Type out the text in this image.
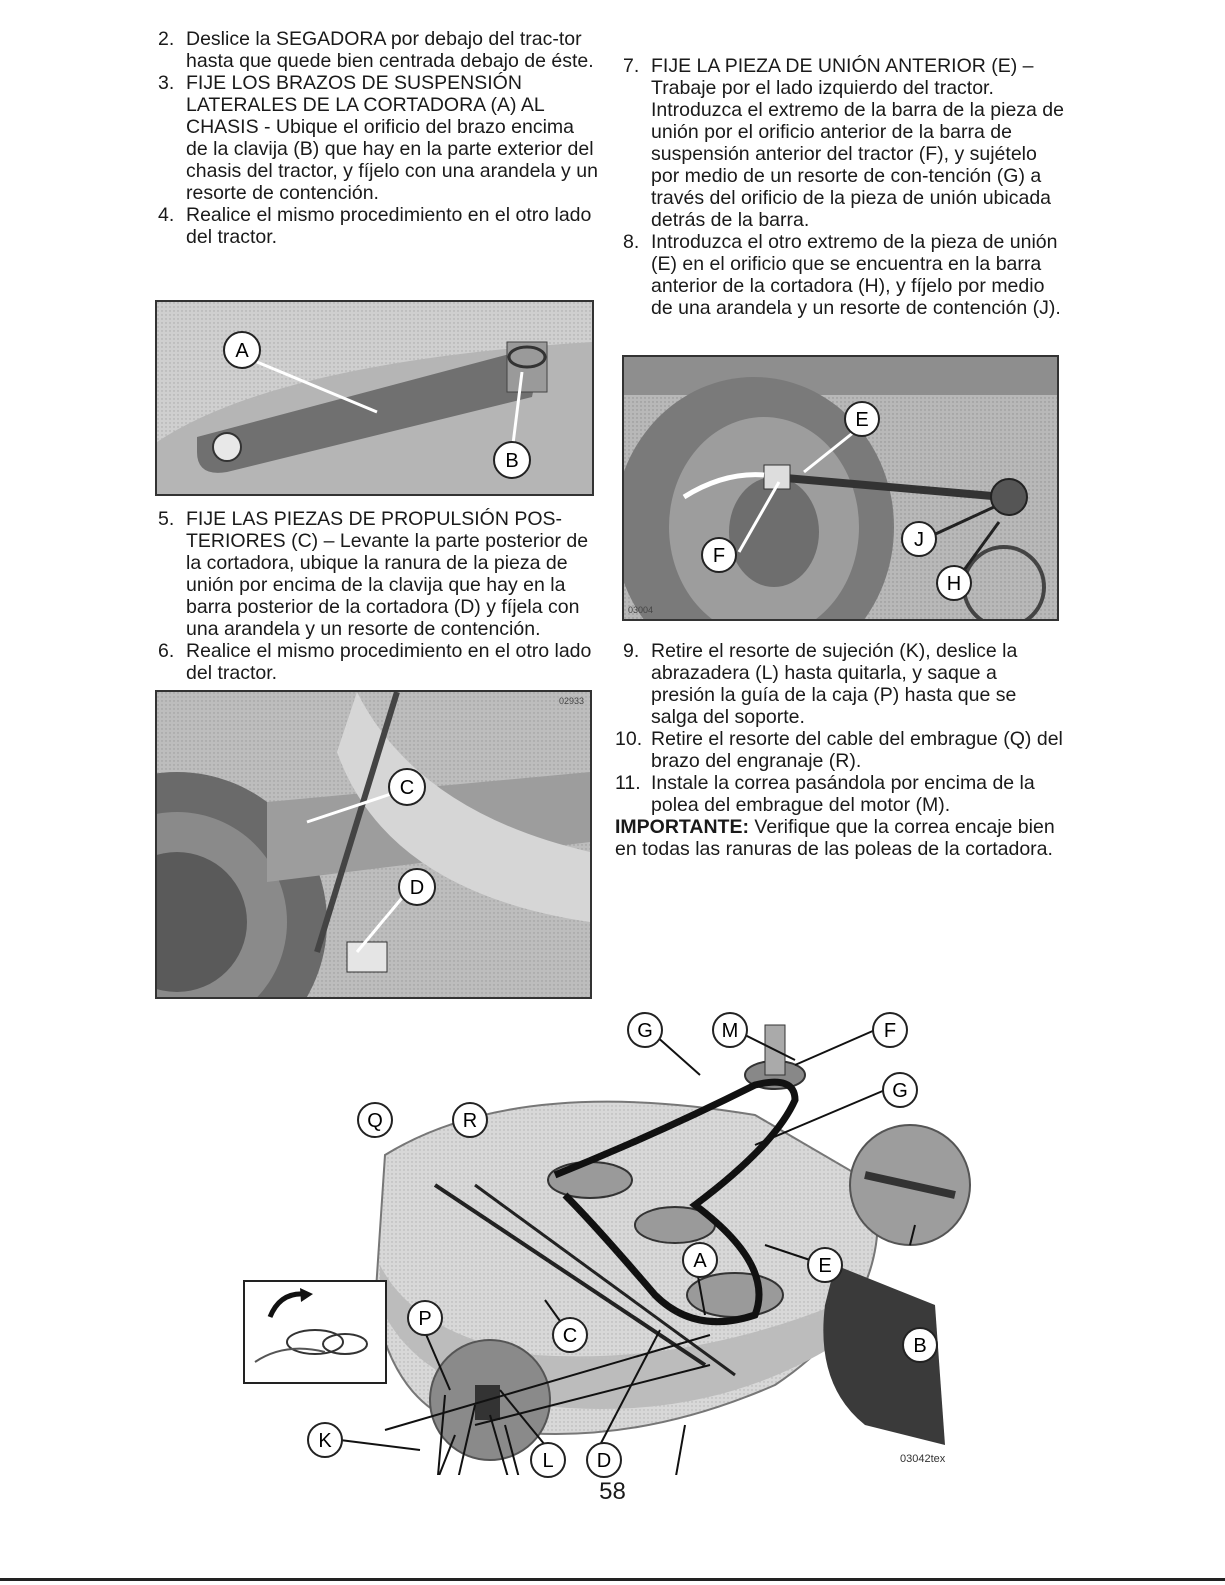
2. Deslice la SEGADORA por debajo del trac-tor hasta que quede bien centrada debajo de éste.
3. FIJE LOS BRAZOS DE SUSPENSIÓN LATERALES DE LA CORTADORA (A) AL CHASIS - Ubique el orificio del brazo encima de la clavija (B) que hay en la parte exterior del chasis del tractor, y fíjelo con una arandela y un resorte de contención.
4. Realice el mismo procedimiento en el otro lado del tractor.
A
B
5. FIJE LAS PIEZAS DE PROPULSIÓN POS-TERIORES (C) – Levante la parte posterior de la cortadora, ubique la ranura de la pieza de unión por encima de la clavija que hay en la barra posterior de la cortadora (D) y fíjela con una arandela y un resorte de contención.
6. Realice el mismo procedimiento en el otro lado del tractor.
C
D
02933
7. FIJE LA PIEZA DE UNIÓN ANTERIOR (E) – Trabaje por el lado izquierdo del tractor. Introduzca el extremo de la barra de la pieza de unión por el orificio anterior de la barra de suspensión anterior del tractor (F), y sujételo por medio de un resorte de con-tención (G) a través del orificio de la pieza de unión ubicada detrás de la barra.
8. Introduzca el otro extremo de la pieza de unión (E) en el orificio que se encuentra en la barra anterior de la cortadora (H), y fíjelo por medio de una arandela y un resorte de contención (J).
E
F
J
H
03004
9. Retire el resorte de sujeción (K), deslice la abrazadera (L) hasta quitarla, y saque a presión la guía de la caja (P) hasta que se salga del soporte.
10. Retire el resorte del cable del embrague (Q) del brazo del engranaje (R).
11. Instale la correa pasándola por encima de la polea del embrague del motor (M).

IMPORTANTE: Verifique que la correa encaje bien en todas las ranuras de las poleas de la cortadora.

G	M	F
G
Q	R
A	E
B
P
C
K
L D	03042tex
58
